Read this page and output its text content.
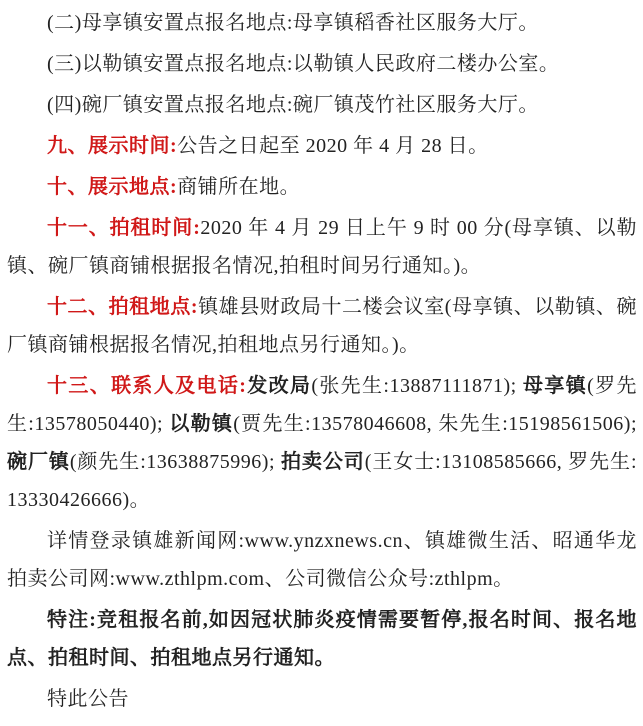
(二)母享镇安置点报名地点:母享镇稻香社区服务大厅。

(三)以勒镇安置点报名地点:以勒镇人民政府二楼办公室。

(四)碗厂镇安置点报名地点:碗厂镇茂竹社区服务大厅。

九、展示时间:公告之日起至 2020 年 4 月 28 日。

十、展示地点:商铺所在地。

十一、拍租时间:2020 年 4 月 29 日上午 9 时 00 分(母享镇、以勒镇、碗厂镇商铺根据报名情况,拍租时间另行通知。)。

十二、拍租地点:镇雄县财政局十二楼会议室(母享镇、以勒镇、碗厂镇商铺根据报名情况,拍租地点另行通知。)。

十三、联系人及电话:发改局(张先生:13887111871); 母享镇(罗先生:13578050440); 以勒镇(贾先生:13578046608, 朱先生:15198561506); 碗厂镇(颜先生:13638875996); 拍卖公司(王女士:13108585666, 罗先生:13330426666)。

详情登录镇雄新闻网:www.ynzxnews.cn、镇雄微生活、昭通华龙拍卖公司网:www.zthlpm.com、公司微信公众号:zthlpm。

特注:竞租报名前,如因冠状肺炎疫情需要暂停,报名时间、报名地点、拍租时间、拍租地点另行通知。

特此公告
